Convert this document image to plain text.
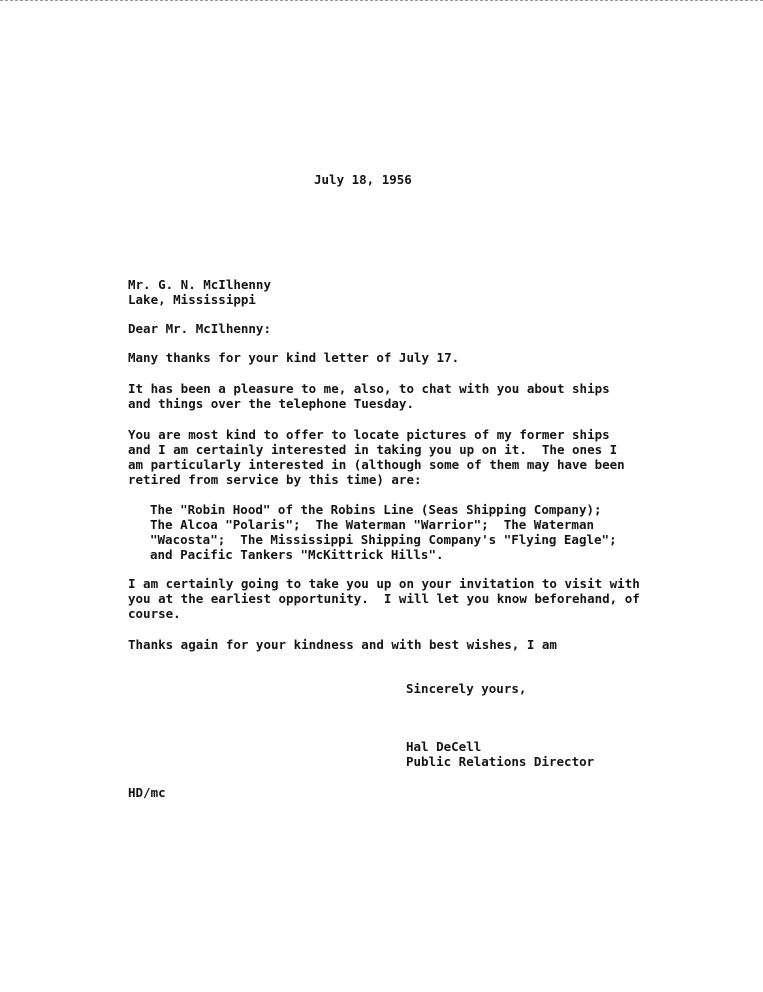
July 18, 1956

Mr. G. N. McIlhenny

Lake, Mississippi

Dear Mr. McIlhenny:

Many thanks for your kind letter of July 17.

It has been a pleasure to me, also, to chat with you about ships

and things over the telephone Tuesday.

You are most kind to offer to locate pictures of my former ships

and I am certainly interested in taking you up on it.  The ones I

am particularly interested in (although some of them may have been

retired from service by this time) are:

The "Robin Hood" of the Robins Line (Seas Shipping Company);

The Alcoa "Polaris";  The Waterman "Warrior";  The Waterman

"Wacosta";  The Mississippi Shipping Company's "Flying Eagle";

and Pacific Tankers "McKittrick Hills".

I am certainly going to take you up on your invitation to visit with

you at the earliest opportunity.  I will let you know beforehand, of

course.

Thanks again for your kindness and with best wishes, I am

Sincerely yours,

Hal DeCell

Public Relations Director

HD/mc
